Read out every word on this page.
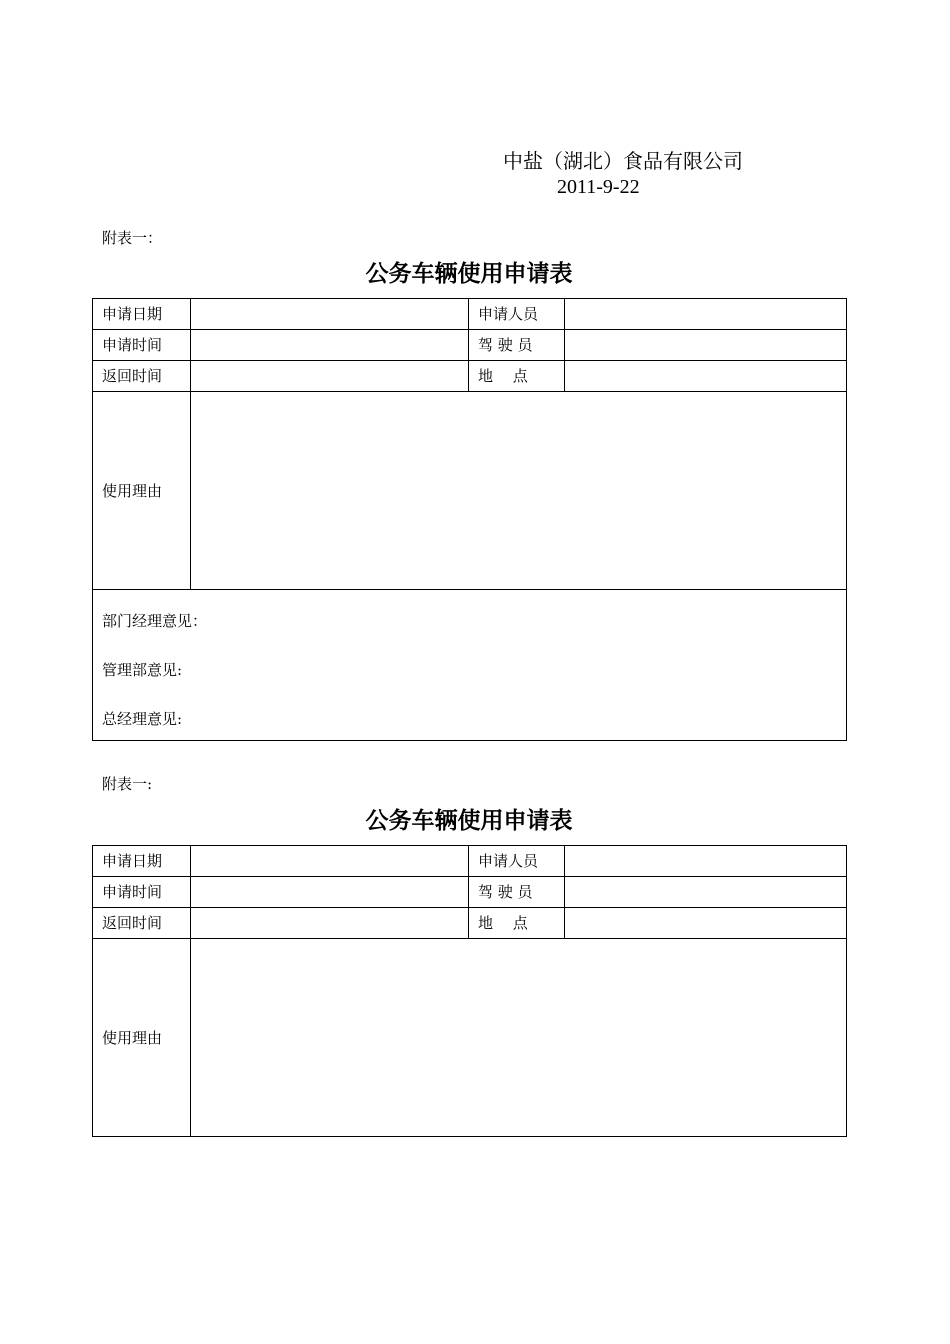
中盐（湖北）食品有限公司
2011-9-22
附表一：
公务车辆使用申请表
申请日期		申请人员	
申请时间		驾 驶 员	
返回时间		地　 点	
使用理由			

部门经理意见：
管理部意见:
总经理意见:			
附表一:
公务车辆使用申请表
申请日期		申请人员	
申请时间		驾 驶 员	
返回时间		地　 点	
使用理由			
